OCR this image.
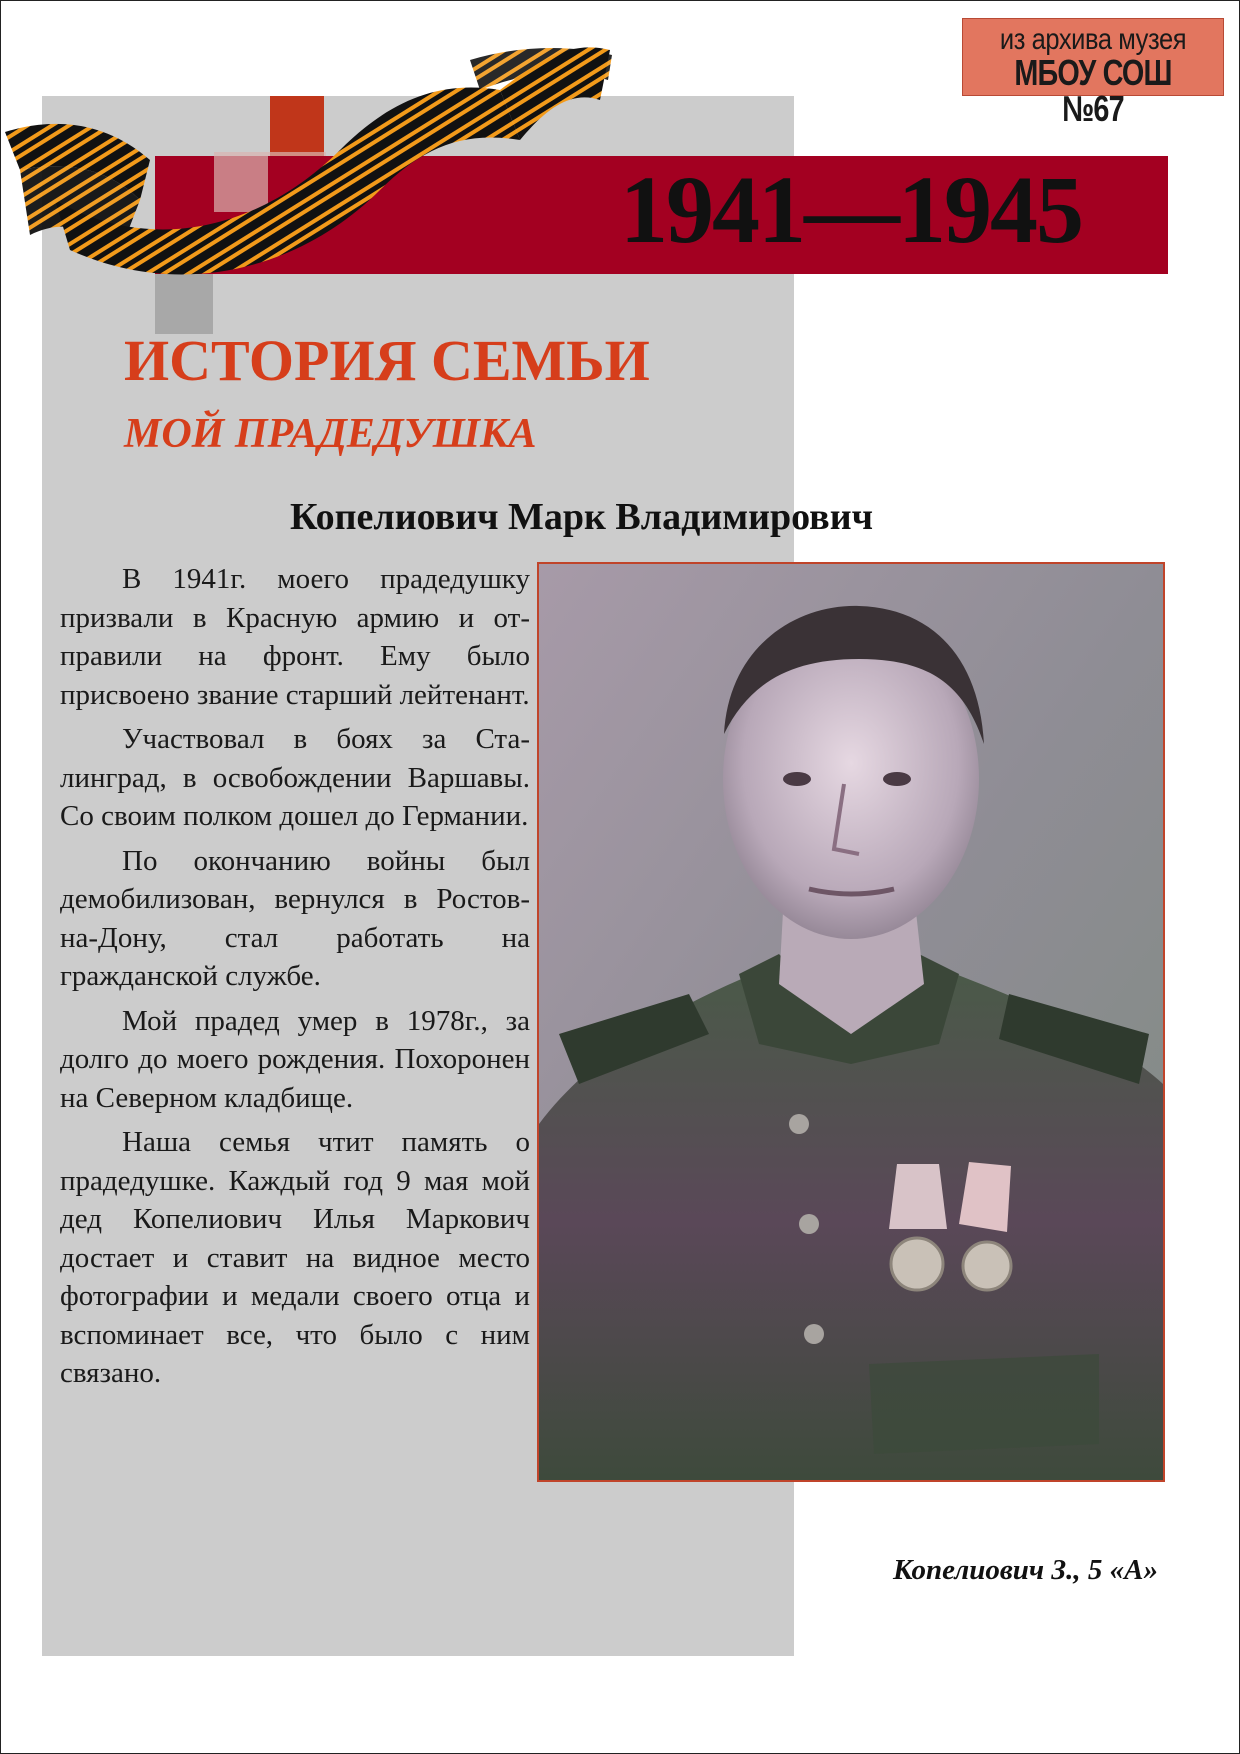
1941—1945
из архива музея
МБОУ СОШ №67
ИСТОРИЯ СЕМЬИ
МОЙ ПРАДЕДУШКА
Копелиович Марк Владимирович

В 1941г. моего прадедушку призвали в Красную армию и отправили на фронт. Ему было присвоено звание старший лейтенант.

Участвовал в боях за Сталинград, в освобождении Варшавы. Со своим полком дошел до Германии.

По окончанию войны был демобилизован, вернулся в Ростов-на-Дону, стал работать на гражданской службе.

Мой прадед умер в 1978г., за долго до моего рождения. Похоронен на Северном кладбище.

Наша семья чтит память о прадедушке. Каждый год 9 мая мой дед Копелиович Илья Маркович достает и ставит на видное место фотографии и медали своего отца и вспоминает все, что было с ним связано.

Копелиович З., 5 «А»
